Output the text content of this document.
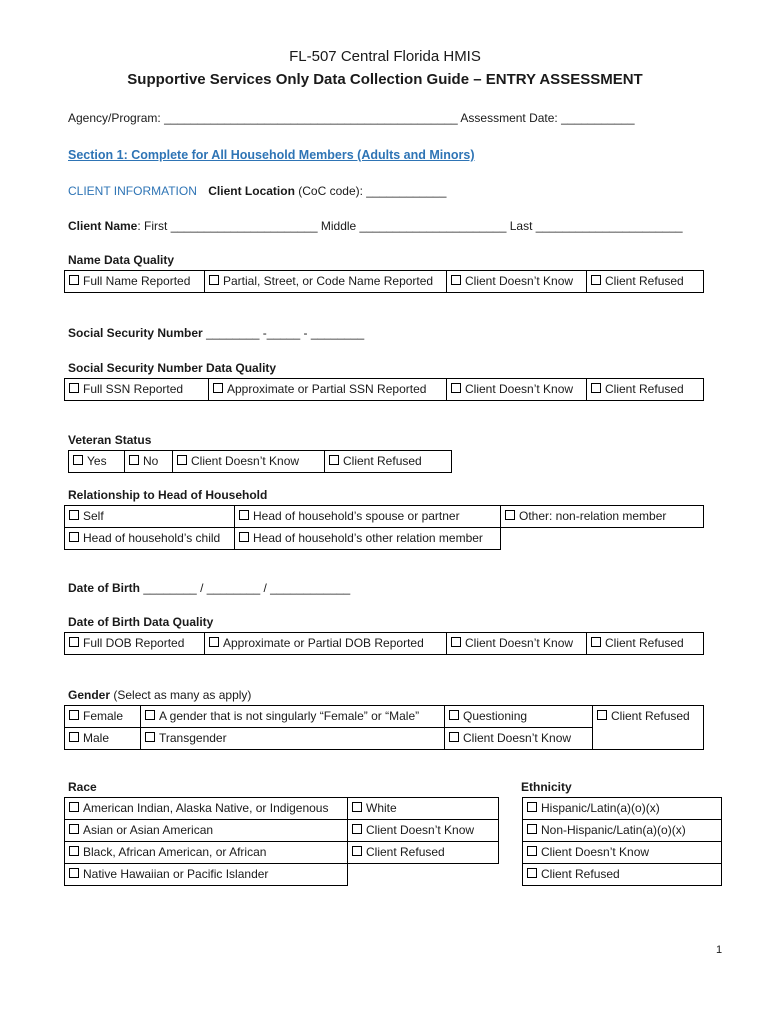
FL-507 Central Florida HMIS
Supportive Services Only Data Collection Guide – ENTRY ASSESSMENT
Agency/Program: ____________________________________________ Assessment Date: ___________
Section 1: Complete for All Household Members (Adults and Minors)
CLIENT INFORMATION Client Location (CoC code): ____________
Client Name: First ______________________ Middle ______________________ Last ______________________
Name Data Quality
Full Name Reported	Partial, Street, or Code Name Reported	Client Doesn’t Know	Client Refused
Social Security Number ________ -_____ - ________
Social Security Number Data Quality
Full SSN Reported	Approximate or Partial SSN Reported	Client Doesn’t Know	Client Refused
Veteran Status
Yes	No	Client Doesn’t Know	Client Refused
Relationship to Head of Household
Self	Head of household’s spouse or partner	Other: non-relation member
Head of household’s child	Head of household’s other relation member	
Date of Birth ________ / ________ / ____________
Date of Birth Data Quality
Full DOB Reported	Approximate or Partial DOB Reported	Client Doesn’t Know	Client Refused
Gender (Select as many as apply)
Female	A gender that is not singularly “Female” or “Male”	Questioning	Client Refused
Male	Transgender	Client Doesn’t Know	
Race	Ethnicity
American Indian, Alaska Native, or Indigenous	White
Asian or Asian American	Client Doesn’t Know
Black, African American, or African	Client Refused
Native Hawaiian or Pacific Islander	
Hispanic/Latin(a)(o)(x)
Non-Hispanic/Latin(a)(o)(x)
Client Doesn’t Know
Client Refused
1
